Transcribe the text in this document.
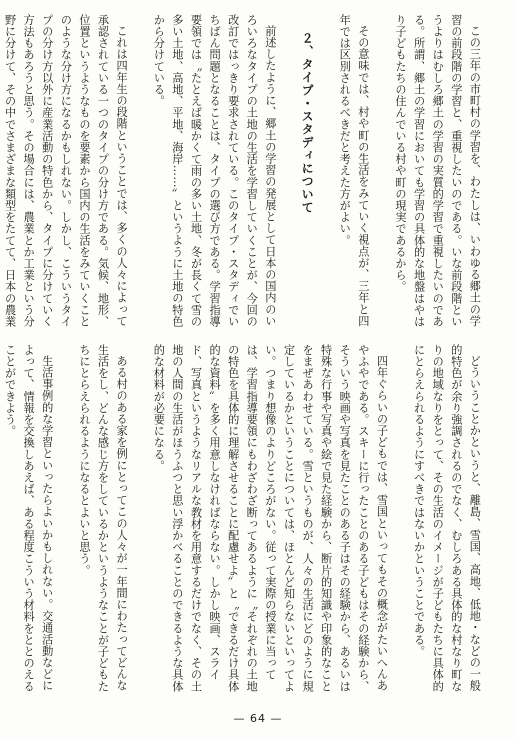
この三年の市町村の学習を、わたしは、いわゆる郷土の学習の前段階の学習と、重視したいのである。いな前段階というよりはむしろ郷土の学習の実質的学習で重視したいのである。所謂、郷土の学習においても学習の具体的な地盤はやはり子どもたちの住んでいる村や町の現実であるから。

その意味では、村や町の生活をみていく視点が、三年と四年では区別されるべきだと考えた方がよい。

２、タイプ・スタディについて

前述したように、郷土の学習の発展として日本の国内のいろいろなタイプの土地の生活を学習していくことが、今回の改訂ではっきり要求されている。このタイプ・スタディでいちばん問題となることは、タイプの選び方である。学習指導要領では〝たとえば暖かくて雨の多い土地、冬が長くて雪の多い土地、高地、平地、海岸……〟というように土地の特色から分けている。

これは四年生の段階ということでは、多くの人々によって承認されている一つのタイプの分け方である。気候、地形、位置というようなものを要素から国内の生活をみていくことのような分け方になるかもしれない。しかし、こういうタイプの分け方以外に産業活動の特色から、タイプに分けていく方法もあろうと思う。その場合には、農業とか工業という分野に分けて、その中でさまざまな類型をたてて、日本の農業

どういうことかというと、離島、雪国、高地、低地・などの一般的特色が余り強調されるのでなく、むしろある具体的な村なり町なりの地域なりをとって、その生活のイメージが子どもたちに具体的にとらえられるようにすべきではないかということである。

四年ぐらいの子どもでは、雪国といってもその概念がたいへんあやふやである。スキーに行ったことのある子どもはその経験から、そういう映画や写真を見たことのある子はその経験から、あるいは特殊な行事や写真や絵で見た経験から、断片的知識や印象的なことをまぜあわせている。雪というものが、人々の生活にどのように規定しているかということについては、ほとんど知らないといってよい。つまり想像のよりどころがない。従って実際の授業に当っては、学習指導要領にもわざわざ断ってあるように〝それぞれの土地の特色を具体的に理解させることに配慮せよ〟と〝できるだけ具体的な資料〟を多く用意しなければならない。しかし映画、スライド、写真というようなリアルな教材を用意するだけでなく、その土地の人間の生活がほうふつと思い浮かべることのできるような具体的な材料が必要になる。

ある村のある家を例にとってこの人々が一年間にわたってどんな生活をし、どんな感じ方をしているかというようなことが子どもたちにとらえられるようになるとよいと思う。

生活事例的な学習といったらよいかもしれない。交通活動などによって、情報を交換しあえば、ある程度こういう材料をととのえることができよう。

— 64 —
